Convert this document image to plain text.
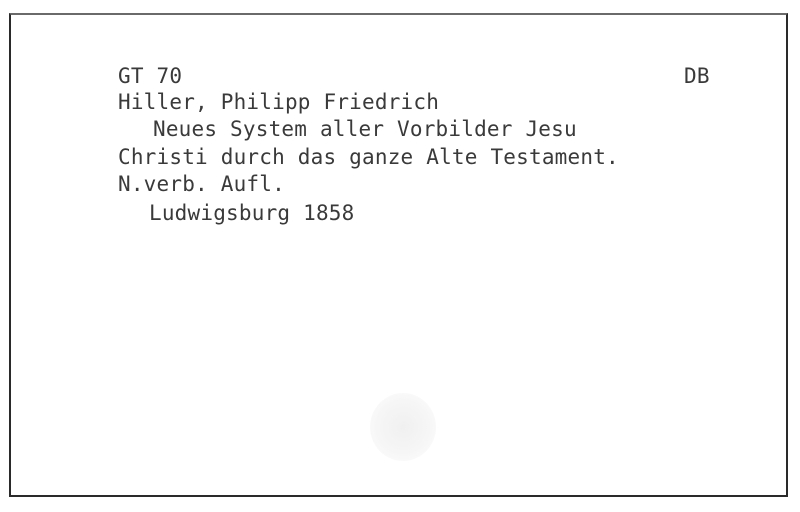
GT 70	DB
Hiller, Philipp Friedrich
Neues System aller Vorbilder Jesu
Christi durch das ganze Alte Testament.
N.verb. Aufl.
Ludwigsburg 1858
